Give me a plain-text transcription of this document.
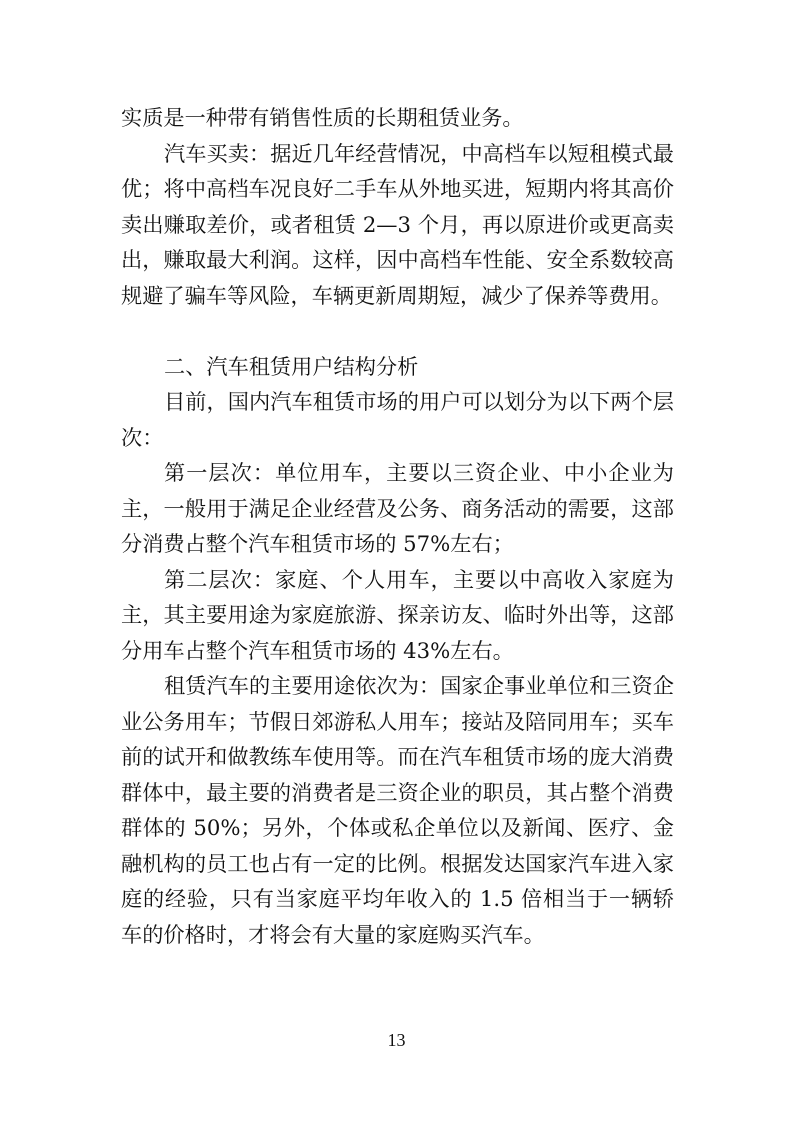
实质是一种带有销售性质的长期租赁业务。

汽车买卖：据近几年经营情况，中高档车以短租模式最优；将中高档车况良好二手车从外地买进，短期内将其高价卖出赚取差价，或者租赁 2—3 个月，再以原进价或更高卖出，赚取最大利润。这样，因中高档车性能、安全系数较高规避了骗车等风险，车辆更新周期短，减少了保养等费用。

二、汽车租赁用户结构分析

目前，国内汽车租赁市场的用户可以划分为以下两个层次：

第一层次：单位用车，主要以三资企业、中小企业为主，一般用于满足企业经营及公务、商务活动的需要，这部分消费占整个汽车租赁市场的 57%左右；

第二层次：家庭、个人用车，主要以中高收入家庭为主，其主要用途为家庭旅游、探亲访友、临时外出等，这部分用车占整个汽车租赁市场的 43%左右。

租赁汽车的主要用途依次为：国家企事业单位和三资企业公务用车；节假日郊游私人用车；接站及陪同用车；买车前的试开和做教练车使用等。而在汽车租赁市场的庞大消费群体中，最主要的消费者是三资企业的职员，其占整个消费群体的 50%；另外，个体或私企单位以及新闻、医疗、金融机构的员工也占有一定的比例。根据发达国家汽车进入家庭的经验，只有当家庭平均年收入的 1.5 倍相当于一辆轿车的价格时，才将会有大量的家庭购买汽车。

13
